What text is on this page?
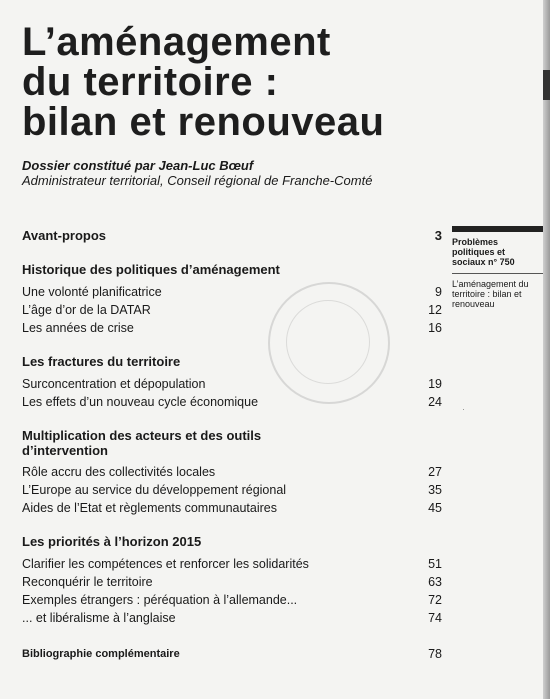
L’aménagement
du territoire :
bilan et renouveau
Dossier constitué par Jean-Luc Bœuf
Administrateur territorial, Conseil régional de Franche-Comté
Avant-propos	3
Historique des politiques d’aménagement
Une volonté planificatrice	9
L’âge d’or de la DATAR	12
Les années de crise	16
Les fractures du territoire
Surconcentration et dépopulation	19
Les effets d’un nouveau cycle économique	24
Multiplication des acteurs et des outils
d’intervention
Rôle accru des collectivités locales	27
L’Europe au service du développement régional	35
Aides de l’Etat et règlements communautaires	45
Les priorités à l’horizon 2015
Clarifier les compétences et renforcer les solidarités	51
Reconquérir le territoire	63
Exemples étrangers : péréquation à l’allemande...	72
... et libéralisme à l’anglaise	74
Bibliographie complémentaire	78
Problèmes politiques et sociaux n° 750
L’aménagement du territoire : bilan et renouveau
·
